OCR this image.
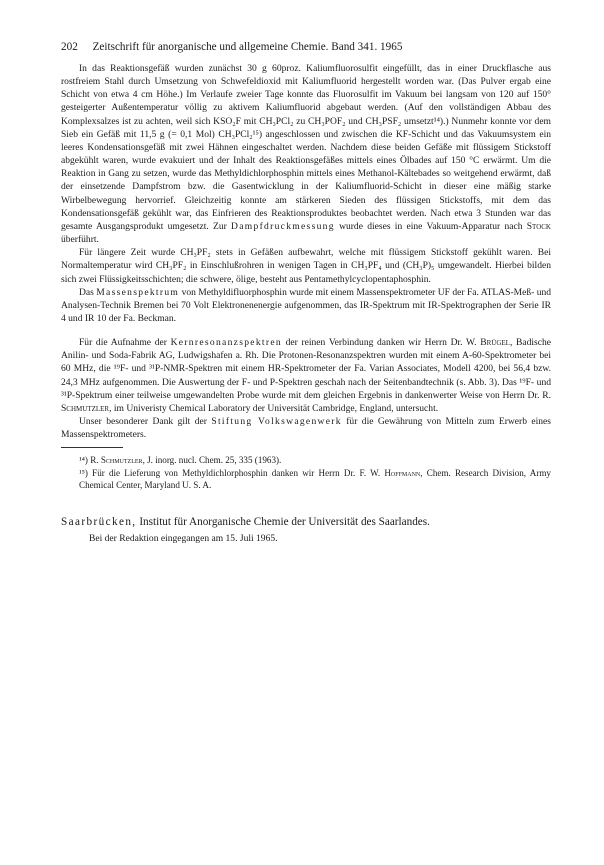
202 Zeitschrift für anorganische und allgemeine Chemie. Band 341. 1965

In das Reaktionsgefäß wurden zunächst 30 g 60proz. Kaliumfluorosulfit eingefüllt, das in einer Druckflasche aus rostfreiem Stahl durch Umsetzung von Schwefeldioxid mit Kaliumfluorid hergestellt worden war. (Das Pulver ergab eine Schicht von etwa 4 cm Höhe.) Im Verlaufe zweier Tage konnte das Fluorosulfit im Vakuum bei langsam von 120 auf 150° gesteigerter Außentemperatur völlig zu aktivem Kaliumfluorid abgebaut werden. (Auf den vollständigen Abbau des Komplexsalzes ist zu achten, weil sich KSO₂F mit CH₃PCl₂ zu CH₃POF₂ und CH₃PSF₂ umsetzt¹⁴).) Nunmehr konnte vor dem Sieb ein Gefäß mit 11,5 g (= 0,1 Mol) CH₃PCl₂¹⁵) angeschlossen und zwischen die KF-Schicht und das Vakuumsystem ein leeres Kondensationsgefäß mit zwei Hähnen eingeschaltet werden. Nachdem diese beiden Gefäße mit flüssigem Stickstoff abgekühlt waren, wurde evakuiert und der Inhalt des Reaktionsgefäßes mittels eines Ölbades auf 150 °C erwärmt. Um die Reaktion in Gang zu setzen, wurde das Methyldichlorphosphin mittels eines Methanol-Kältebades so weitgehend erwärmt, daß der einsetzende Dampfstrom bzw. die Gasentwicklung in der Kaliumfluorid-Schicht in dieser eine mäßig starke Wirbelbewegung hervorrief. Gleichzeitig konnte am stärkeren Sieden des flüssigen Stickstoffs, mit dem das Kondensationsgefäß gekühlt war, das Einfrieren des Reaktionsproduktes beobachtet werden. Nach etwa 3 Stunden war das gesamte Ausgangsprodukt umgesetzt. Zur Dampfdruckmessung wurde dieses in eine Vakuum-Apparatur nach Stock überführt.

Für längere Zeit wurde CH₃PF₂ stets in Gefäßen aufbewahrt, welche mit flüssigem Stickstoff gekühlt waren. Bei Normaltemperatur wird CH₃PF₂ in Einschlußrohren in wenigen Tagen in CH₃PF₄ und (CH₃P)₅ umgewandelt. Hierbei bilden sich zwei Flüssigkeitsschichten; die schwere, ölige, besteht aus Pentamethylcyclopentaphosphin.

Das Massenspektrum von Methyldifluorphosphin wurde mit einem Massenspektrometer UF der Fa. ATLAS-Meß- und Analysen-Technik Bremen bei 70 Volt Elektronenenergie aufgenommen, das IR-Spektrum mit IR-Spektrographen der Serie IR 4 und IR 10 der Fa. Beckman.

Für die Aufnahme der Kernresonanzspektren der reinen Verbindung danken wir Herrn Dr. W. Brügel, Badische Anilin- und Soda-Fabrik AG, Ludwigshafen a. Rh. Die Protonen-Resonanzspektren wurden mit einem A-60-Spektrometer bei 60 MHz, die ¹⁹F- und ³¹P-NMR-Spektren mit einem HR-Spektrometer der Fa. Varian Associates, Modell 4200, bei 56,4 bzw. 24,3 MHz aufgenommen. Die Auswertung der F- und P-Spektren geschah nach der Seitenbandtechnik (s. Abb. 3). Das ¹⁹F- und ³¹P-Spektrum einer teilweise umgewandelten Probe wurde mit dem gleichen Ergebnis in dankenwerter Weise von Herrn Dr. R. Schmutzler, im Univeristy Chemical Laboratory der Universität Cambridge, England, untersucht.

Unser besonderer Dank gilt der Stiftung Volkswagenwerk für die Gewährung von Mitteln zum Erwerb eines Massenspektrometers.

¹⁴) R. Schmutzler, J. inorg. nucl. Chem. 25, 335 (1963).

¹⁵) Für die Lieferung von Methyldichlorphosphin danken wir Herrn Dr. F. W. Hoffmann, Chem. Research Division, Army Chemical Center, Maryland U. S. A.

Saarbrücken, Institut für Anorganische Chemie der Universität des Saarlandes.
Bei der Redaktion eingegangen am 15. Juli 1965.
